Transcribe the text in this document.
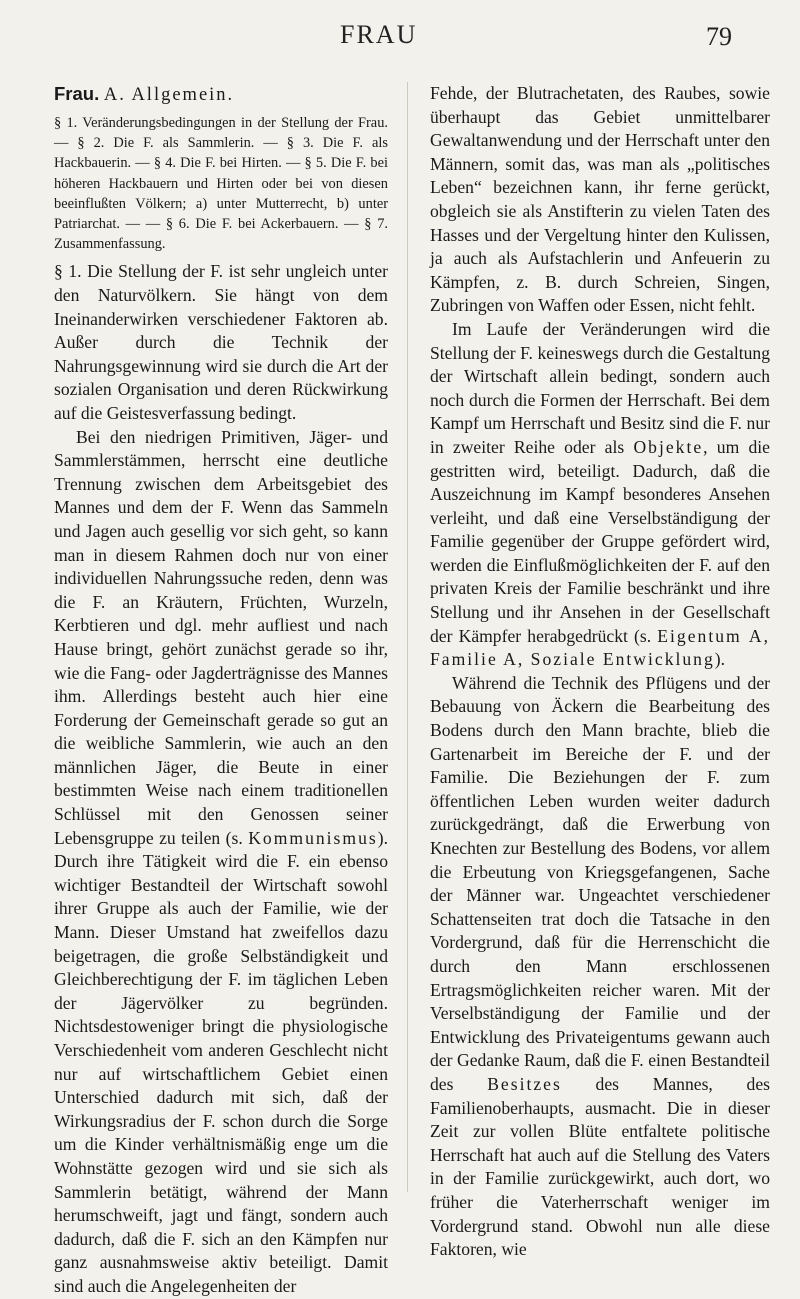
FRAU	79
Frau. A. Allgemein.
§ 1. Veränderungsbedingungen in der Stellung der Frau. — § 2. Die F. als Sammlerin. — § 3. Die F. als Hackbauerin. — § 4. Die F. bei Hirten. — § 5. Die F. bei höheren Hackbauern und Hirten oder bei von diesen beeinflußten Völkern; a) unter Mutterrecht, b) unter Patriarchat. — — § 6. Die F. bei Ackerbauern. — § 7. Zusammenfassung.

§ 1. Die Stellung der F. ist sehr ungleich unter den Naturvölkern. Sie hängt von dem Ineinanderwirken verschiedener Faktoren ab. Außer durch die Technik der Nahrungsgewinnung wird sie durch die Art der sozialen Organisation und deren Rückwirkung auf die Geistesverfassung bedingt.

Bei den niedrigen Primitiven, Jäger- und Sammlerstämmen, herrscht eine deutliche Trennung zwischen dem Arbeitsgebiet des Mannes und dem der F. Wenn das Sammeln und Jagen auch gesellig vor sich geht, so kann man in diesem Rahmen doch nur von einer individuellen Nahrungssuche reden, denn was die F. an Kräutern, Früchten, Wurzeln, Kerbtieren und dgl. mehr aufliest und nach Hause bringt, gehört zunächst gerade so ihr, wie die Fang- oder Jagderträgnisse des Mannes ihm. Allerdings besteht auch hier eine Forderung der Gemeinschaft gerade so gut an die weibliche Sammlerin, wie auch an den männlichen Jäger, die Beute in einer bestimmten Weise nach einem traditionellen Schlüssel mit den Genossen seiner Lebensgruppe zu teilen (s. Kommunismus). Durch ihre Tätigkeit wird die F. ein ebenso wichtiger Bestandteil der Wirtschaft sowohl ihrer Gruppe als auch der Familie, wie der Mann. Dieser Umstand hat zweifellos dazu beigetragen, die große Selbständigkeit und Gleichberechtigung der F. im täglichen Leben der Jägervölker zu begründen. Nichtsdestoweniger bringt die physiologische Verschiedenheit vom anderen Geschlecht nicht nur auf wirtschaftlichem Gebiet einen Unterschied dadurch mit sich, daß der Wirkungsradius der F. schon durch die Sorge um die Kinder verhältnismäßig enge um die Wohnstätte gezogen wird und sie sich als Sammlerin betätigt, während der Mann herumschweift, jagt und fängt, sondern auch dadurch, daß die F. sich an den Kämpfen nur ganz ausnahmsweise aktiv beteiligt. Damit sind auch die Angelegenheiten der

Fehde, der Blutrachetaten, des Raubes, sowie überhaupt das Gebiet unmittelbarer Gewaltanwendung und der Herrschaft unter den Männern, somit das, was man als „politisches Leben“ bezeichnen kann, ihr ferne gerückt, obgleich sie als Anstifterin zu vielen Taten des Hasses und der Vergeltung hinter den Kulissen, ja auch als Aufstachlerin und Anfeuerin zu Kämpfen, z. B. durch Schreien, Singen, Zubringen von Waffen oder Essen, nicht fehlt.

Im Laufe der Veränderungen wird die Stellung der F. keineswegs durch die Gestaltung der Wirtschaft allein bedingt, sondern auch noch durch die Formen der Herrschaft. Bei dem Kampf um Herrschaft und Besitz sind die F. nur in zweiter Reihe oder als Objekte, um die gestritten wird, beteiligt. Dadurch, daß die Auszeichnung im Kampf besonderes Ansehen verleiht, und daß eine Verselbständigung der Familie gegenüber der Gruppe gefördert wird, werden die Einflußmöglichkeiten der F. auf den privaten Kreis der Familie beschränkt und ihre Stellung und ihr Ansehen in der Gesellschaft der Kämpfer herabgedrückt (s. Eigentum A, Familie A, Soziale Entwicklung).

Während die Technik des Pflügens und der Bebauung von Äckern die Bearbeitung des Bodens durch den Mann brachte, blieb die Gartenarbeit im Bereiche der F. und der Familie. Die Beziehungen der F. zum öffentlichen Leben wurden weiter dadurch zurückgedrängt, daß die Erwerbung von Knechten zur Bestellung des Bodens, vor allem die Erbeutung von Kriegsgefangenen, Sache der Männer war. Ungeachtet verschiedener Schattenseiten trat doch die Tatsache in den Vordergrund, daß für die Herrenschicht die durch den Mann erschlossenen Ertragsmöglichkeiten reicher waren. Mit der Verselbständigung der Familie und der Entwicklung des Privateigentums gewann auch der Gedanke Raum, daß die F. einen Bestandteil des Besitzes des Mannes, des Familienoberhaupts, ausmacht. Die in dieser Zeit zur vollen Blüte entfaltete politische Herrschaft hat auch auf die Stellung des Vaters in der Familie zurückgewirkt, auch dort, wo früher die Vaterherrschaft weniger im Vordergrund stand. Obwohl nun alle diese Faktoren, wie
